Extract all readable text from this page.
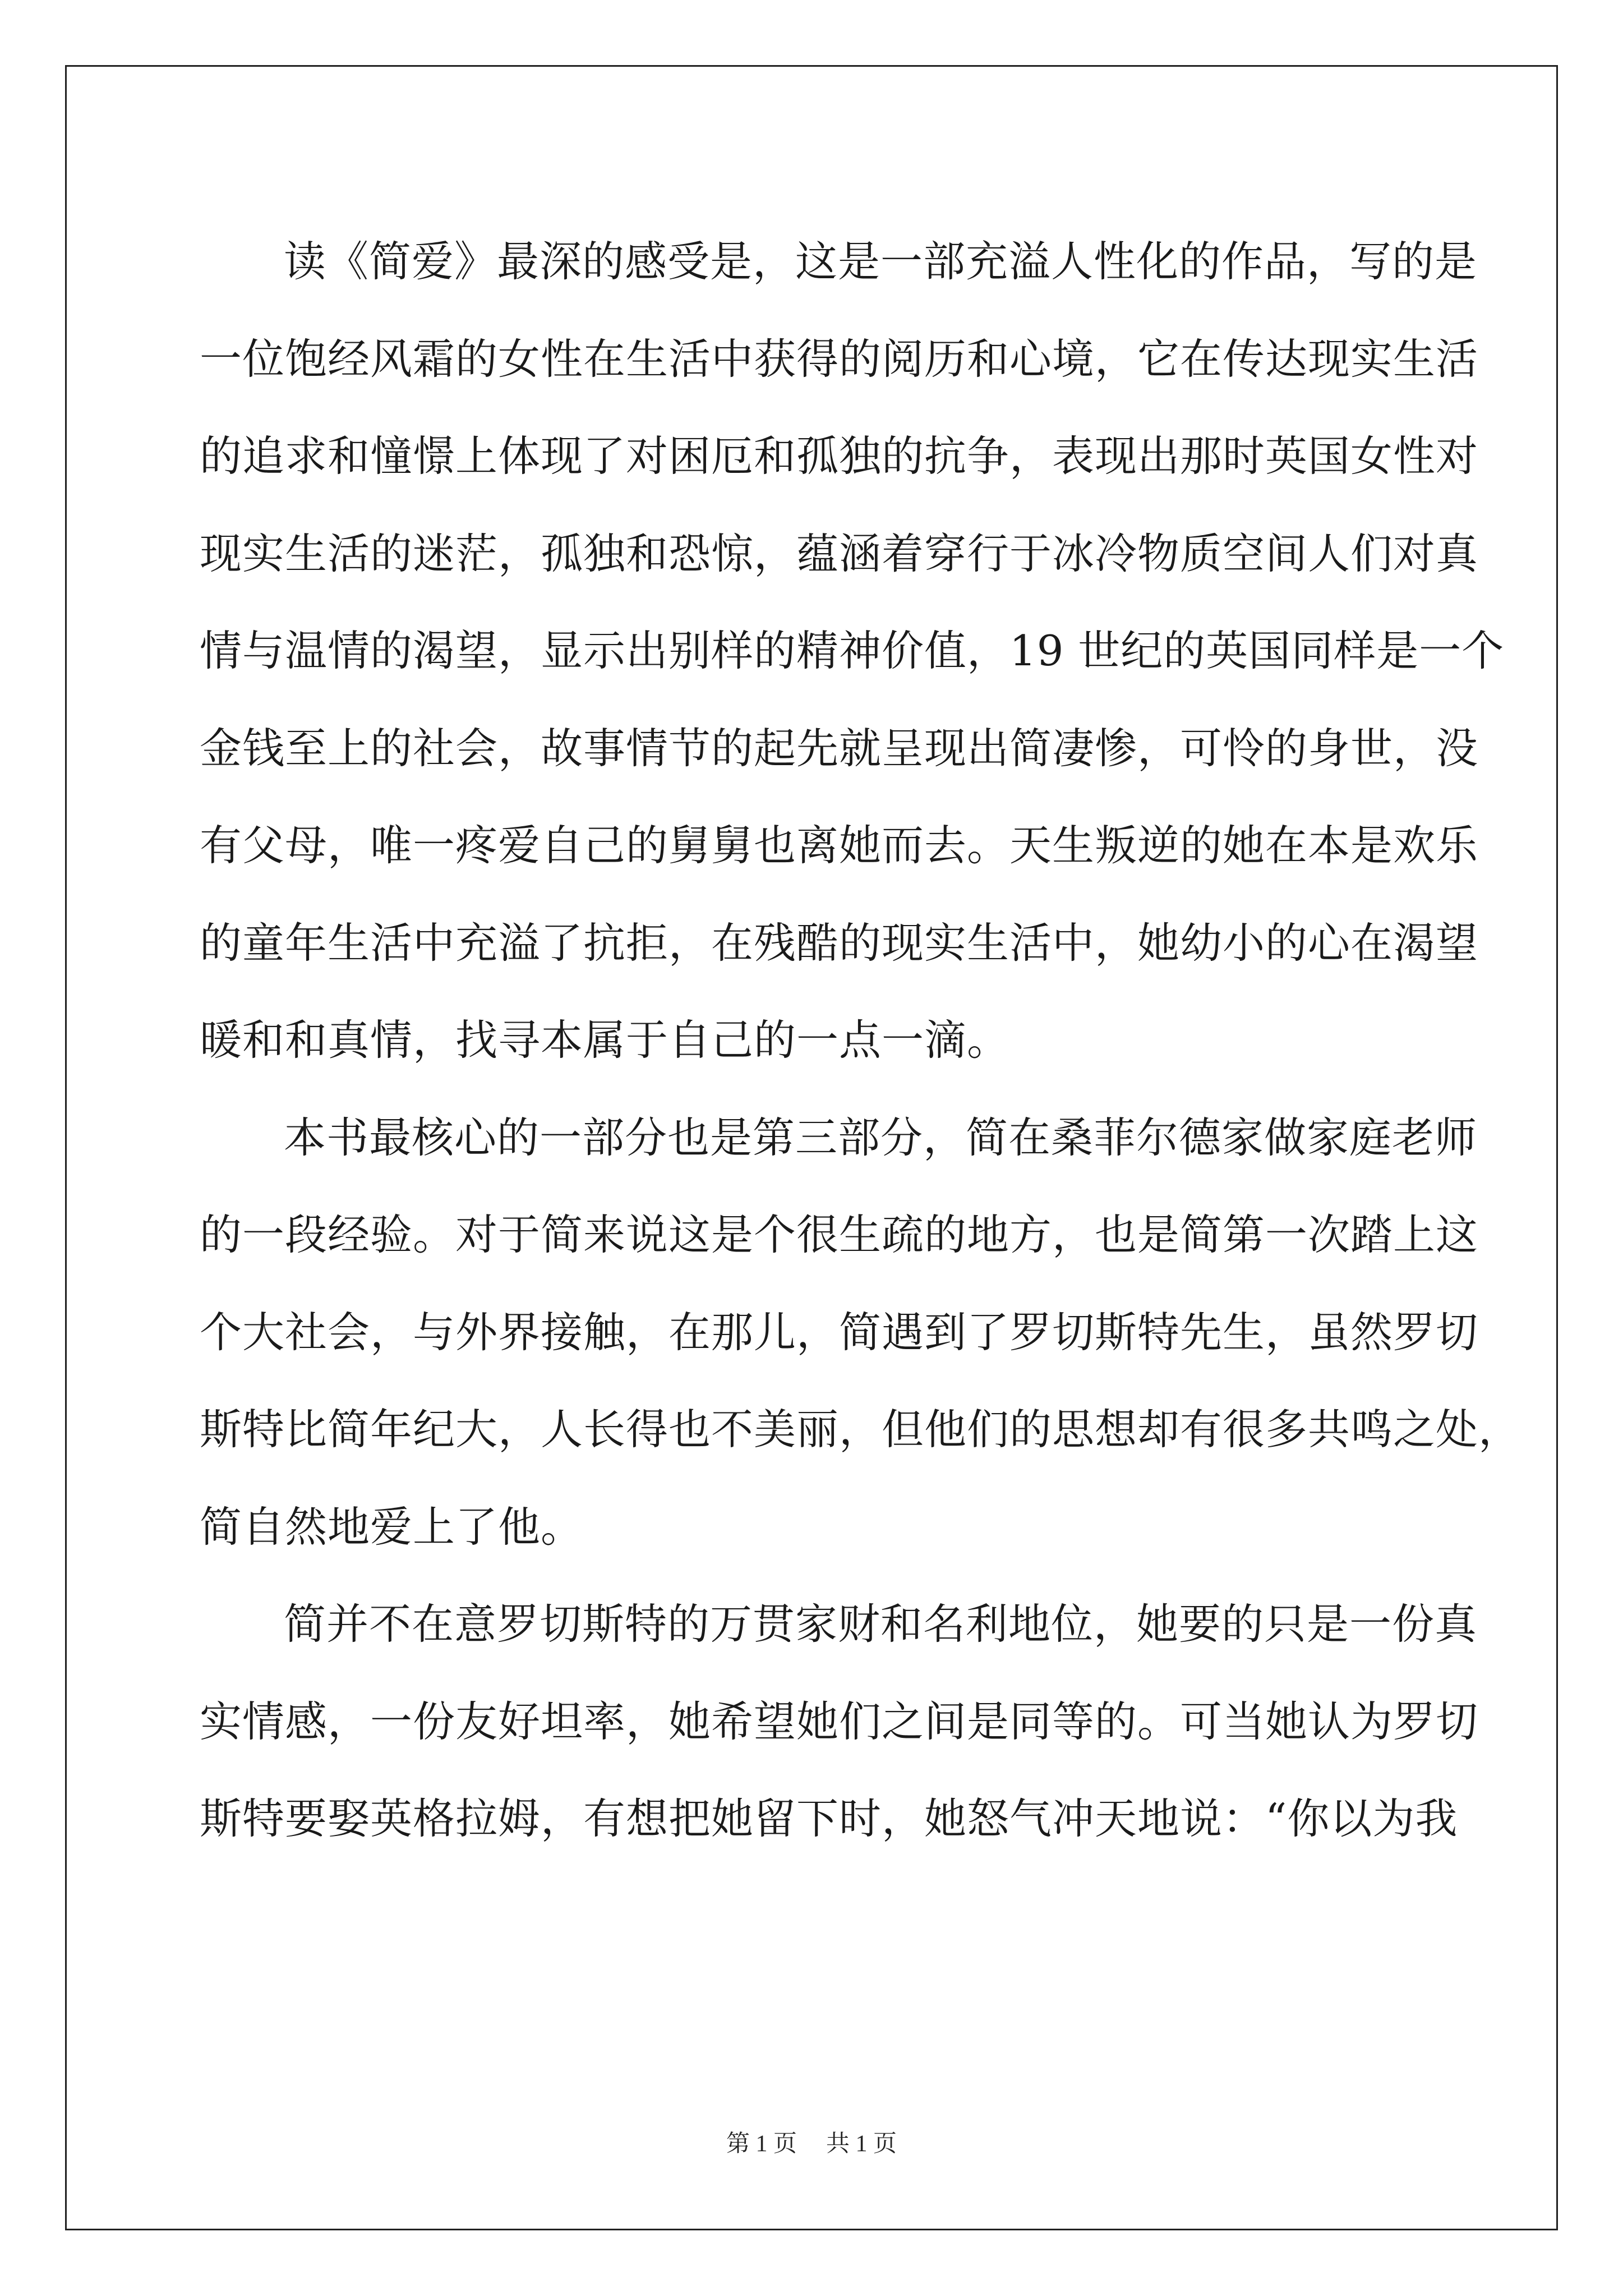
读《简爱》最深的感受是，这是一部充溢人性化的作品，写的是
一位饱经风霜的女性在生活中获得的阅历和心境，它在传达现实生活
的追求和憧憬上体现了对困厄和孤独的抗争，表现出那时英国女性对
现实生活的迷茫，孤独和恐惊，蕴涵着穿行于冰冷物质空间人们对真
情与温情的渴望，显示出别样的精神价值，19 世纪的英国同样是一个
金钱至上的社会，故事情节的起先就呈现出简凄惨，可怜的身世，没
有父母，唯一疼爱自己的舅舅也离她而去。天生叛逆的她在本是欢乐
的童年生活中充溢了抗拒，在残酷的现实生活中，她幼小的心在渴望
暖和和真情，找寻本属于自己的一点一滴。
本书最核心的一部分也是第三部分，简在桑菲尔德家做家庭老师
的一段经验。对于简来说这是个很生疏的地方，也是简第一次踏上这
个大社会，与外界接触，在那儿，简遇到了罗切斯特先生，虽然罗切
斯特比简年纪大，人长得也不美丽，但他们的思想却有很多共鸣之处，
简自然地爱上了他。
简并不在意罗切斯特的万贯家财和名利地位，她要的只是一份真
实情感，一份友好坦率，她希望她们之间是同等的。可当她认为罗切
斯特要娶英格拉姆，有想把她留下时，她怒气冲天地说：“你以为我
第 1 页 共 1 页
